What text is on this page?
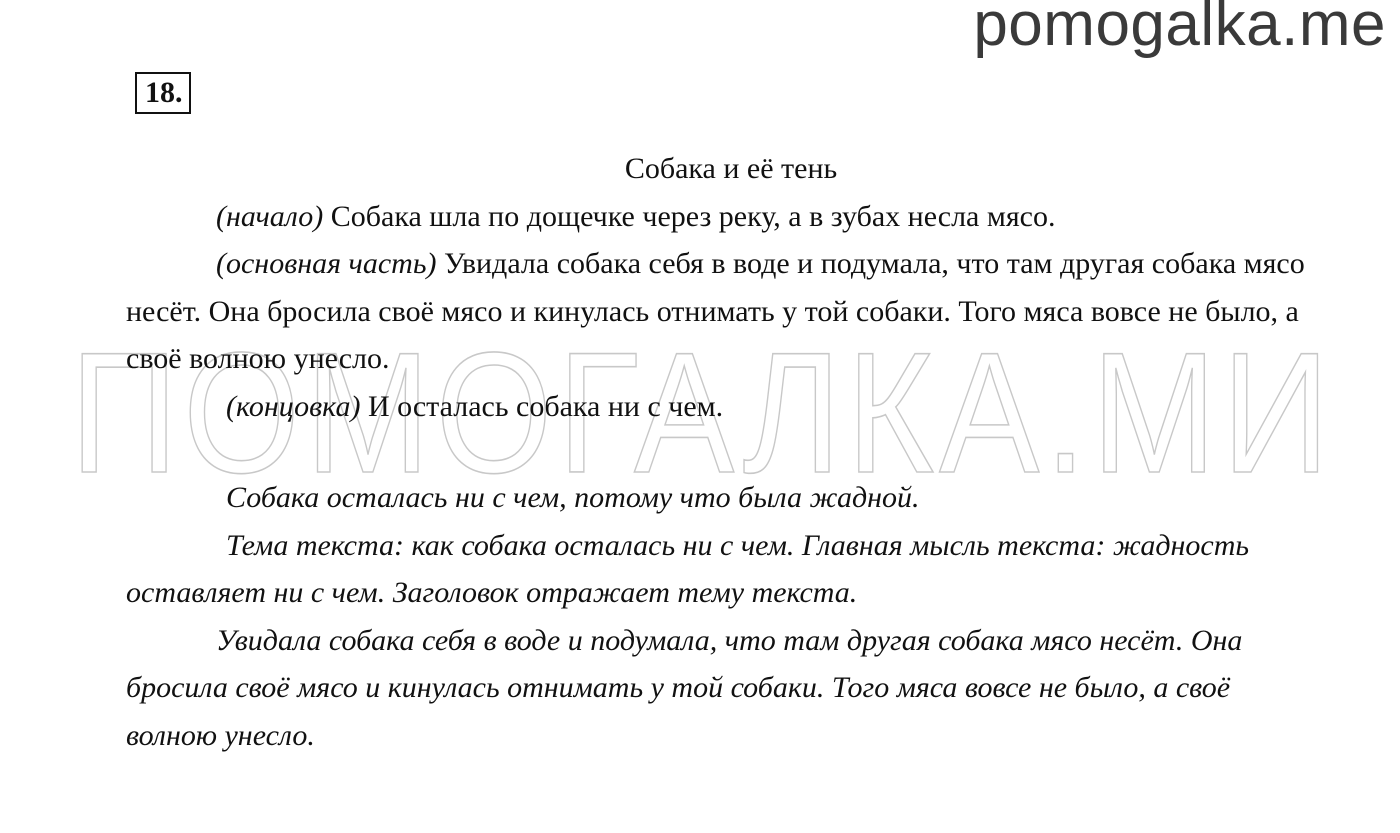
pomogalka.me
ПОМОГАЛКА.МИ
18.

Собака и её тень

(начало) Собака шла по дощечке через реку, а в зубах несла мясо.

(основная часть) Увидала собака себя в воде и подумала, что там другая собака мясо несёт. Она бросила своё мясо и кинулась отнимать у той собаки. Того мяса вовсе не было, а своё волною унесло.

(концовка) И осталась собака ни с чем.

Собака осталась ни с чем, потому что была жадной.

Тема текста: как собака осталась ни с чем. Главная мысль текста: жадность оставляет ни с чем. Заголовок отражает тему текста.

Увидала собака себя в воде и подумала, что там другая собака мясо несёт. Она бросила своё мясо и кинулась отнимать у той собаки. Того мяса вовсе не было, а своё волною унесло.
